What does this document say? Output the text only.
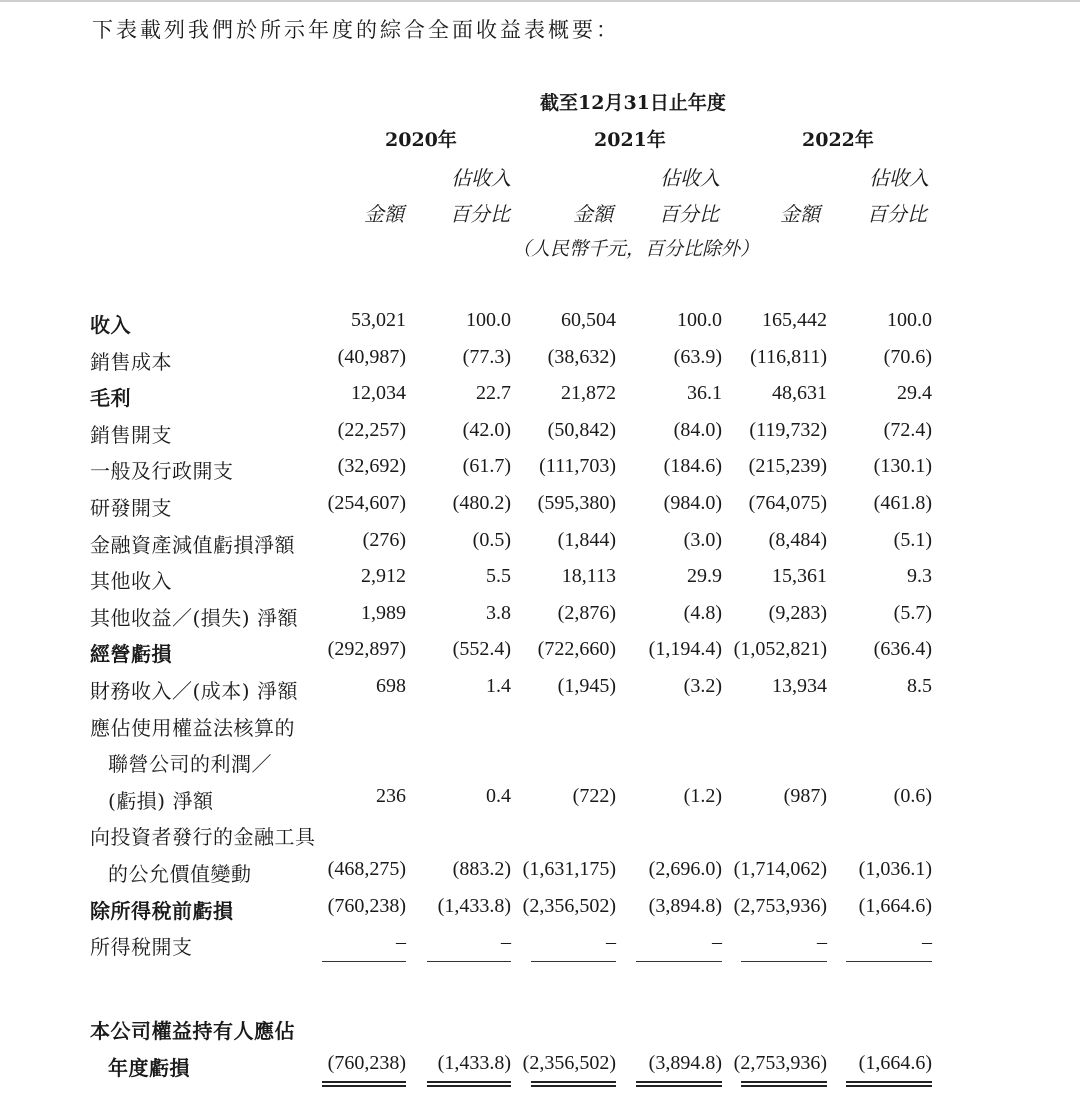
下表載列我們於所示年度的綜合全面收益表概要：
截至12月31日止年度
2020年	2021年	2022年
佔收入	佔收入	佔收入
金額 百分比	金額 百分比	金額 百分比
（人民幣千元，百分比除外）
收入	53,021	100.0	60,504	100.0 165,442	100.0
銷售成本	(40,987)	(77.3) (38,632)	(63.9) (116,811)	(70.6)
毛利	12,034	22.7	21,872	36.1	48,631	29.4
銷售開支	(22,257)	(42.0) (50,842)	(84.0) (119,732)	(72.4)
一般及行政開支	(32,692)	(61.7) (111,703) (184.6) (215,239) (130.1)
研發開支	(254,607) (480.2) (595,380) (984.0) (764,075) (461.8)
金融資產減值虧損淨額	(276)	(0.5) (1,844)	(3.0) (8,484)	(5.1)
其他收入	2,912	5.5	18,113	29.9	15,361	9.3
其他收益／(損失) 淨額	1,989	3.8 (2,876)	(4.8) (9,283)	(5.7)
經營虧損	(292,897) (552.4) (722,660) (1,194.4) (1,052,821) (636.4)
財務收入／(成本) 淨額	698	1.4 (1,945)	(3.2)	13,934	8.5
應佔使用權益法核算的
聯營公司的利潤／
(虧損) 淨額	236	0.4	(722)	(1.2)	(987)	(0.6)
向投資者發行的金融工具
的公允價值變動	(468,275) (883.2) (1,631,175) (2,696.0) (1,714,062) (1,036.1)
除所得稅前虧損	(760,238) (1,433.8) (2,356,502) (3,894.8) (2,753,936) (1,664.6)
所得稅開支	–	–	–	–	–	–
本公司權益持有人應佔
年度虧損	(760,238) (1,433.8) (2,356,502) (3,894.8) (2,753,936) (1,664.6)
